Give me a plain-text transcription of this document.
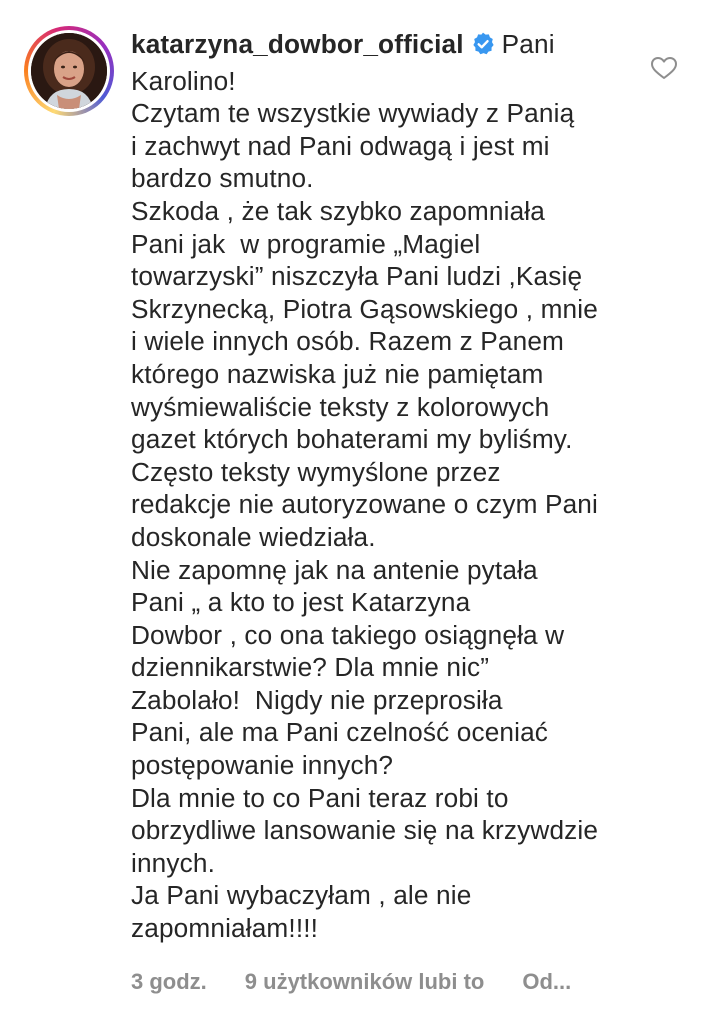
katarzyna_dowbor_official Pani
Karolino!
Czytam te wszystkie wywiady z Panią
i zachwyt nad Pani odwagą i jest mi
bardzo smutno.
Szkoda , że tak szybko zapomniała
Pani jak  w programie „Magiel
towarzyski” niszczyła Pani ludzi ,Kasię
Skrzynecką, Piotra Gąsowskiego , mnie
i wiele innych osób. Razem z Panem
którego nazwiska już nie pamiętam
wyśmiewaliście teksty z kolorowych
gazet których bohaterami my byliśmy.
Często teksty wymyślone przez
redakcje nie autoryzowane o czym Pani
doskonale wiedziała.
Nie zapomnę jak na antenie pytała
Pani „ a kto to jest Katarzyna
Dowbor , co ona takiego osiągnęła w
dziennikarstwie? Dla mnie nic”
Zabolało!  Nigdy nie przeprosiła
Pani, ale ma Pani czelność oceniać
postępowanie innych?
Dla mnie to co Pani teraz robi to
obrzydliwe lansowanie się na krzywdzie
innych.
Ja Pani wybaczyłam , ale nie
zapomniałam!!!!
3 godz. 9 użytkowników lubi to Od...
